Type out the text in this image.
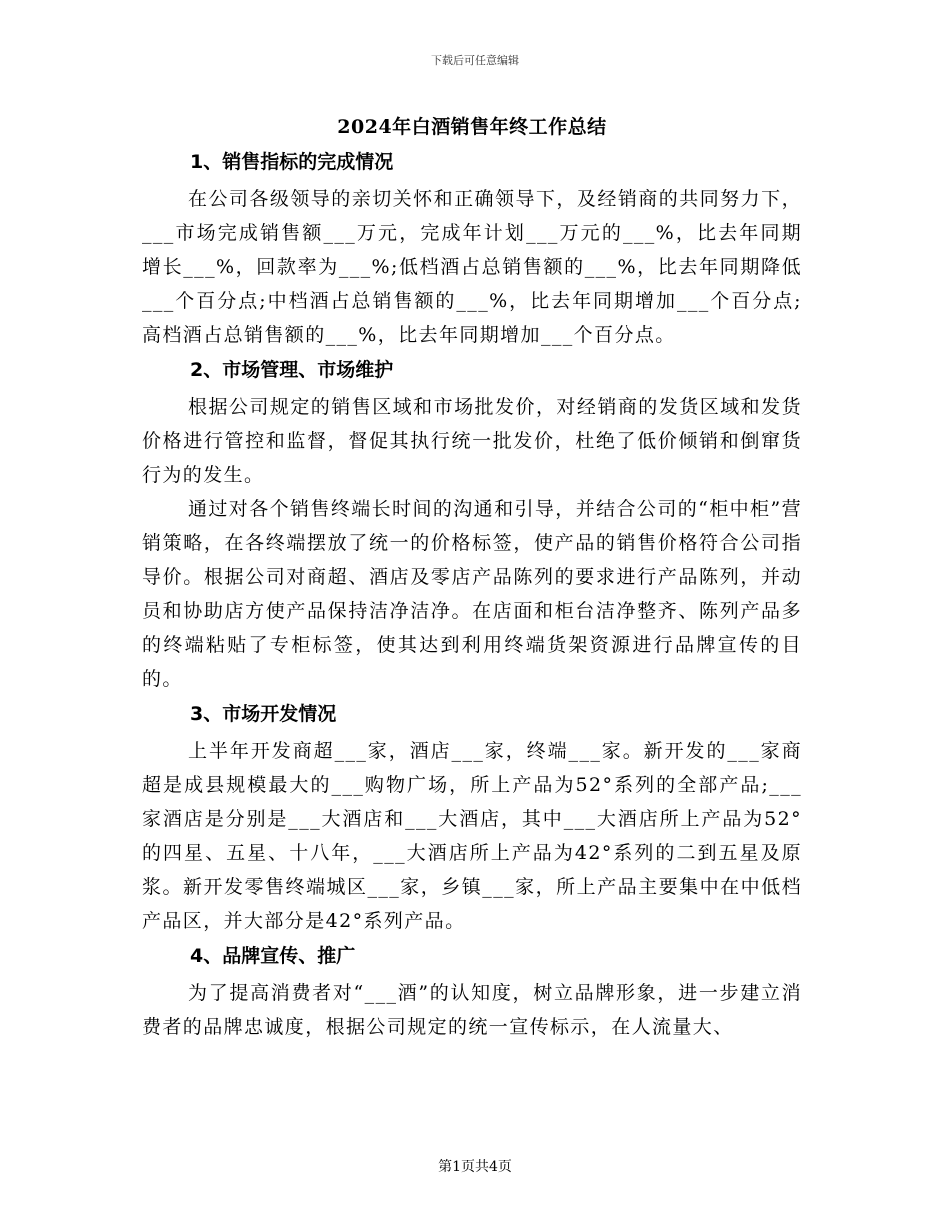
下载后可任意编辑
2024年白酒销售年终工作总结
1、销售指标的完成情况

在公司各级领导的亲切关怀和正确领导下，及经销商的共同努力下，___市场完成销售额___万元，完成年计划___万元的___%，比去年同期增长___%，回款率为___%;低档酒占总销售额的___%，比去年同期降低___个百分点;中档酒占总销售额的___%，比去年同期增加___个百分点;高档酒占总销售额的___%，比去年同期增加___个百分点。

2、市场管理、市场维护

根据公司规定的销售区域和市场批发价，对经销商的发货区域和发货价格进行管控和监督，督促其执行统一批发价，杜绝了低价倾销和倒窜货行为的发生。

通过对各个销售终端长时间的沟通和引导，并结合公司的“柜中柜”营销策略，在各终端摆放了统一的价格标签，使产品的销售价格符合公司指导价。根据公司对商超、酒店及零店产品陈列的要求进行产品陈列，并动员和协助店方使产品保持洁净洁净。在店面和柜台洁净整齐、陈列产品多的终端粘贴了专柜标签，使其达到利用终端货架资源进行品牌宣传的目的。

3、市场开发情况

上半年开发商超___家，酒店___家，终端___家。新开发的___家商超是成县规模最大的___购物广场，所上产品为52°系列的全部产品;___家酒店是分别是___大酒店和___大酒店，其中___大酒店所上产品为52°的四星、五星、十八年，___大酒店所上产品为42°系列的二到五星及原浆。新开发零售终端城区___家，乡镇___家，所上产品主要集中在中低档产品区，并大部分是42°系列产品。

4、品牌宣传、推广

为了提高消费者对“___酒”的认知度，树立品牌形象，进一步建立消费者的品牌忠诚度，根据公司规定的统一宣传标示，在人流量大、

第1页共4页
